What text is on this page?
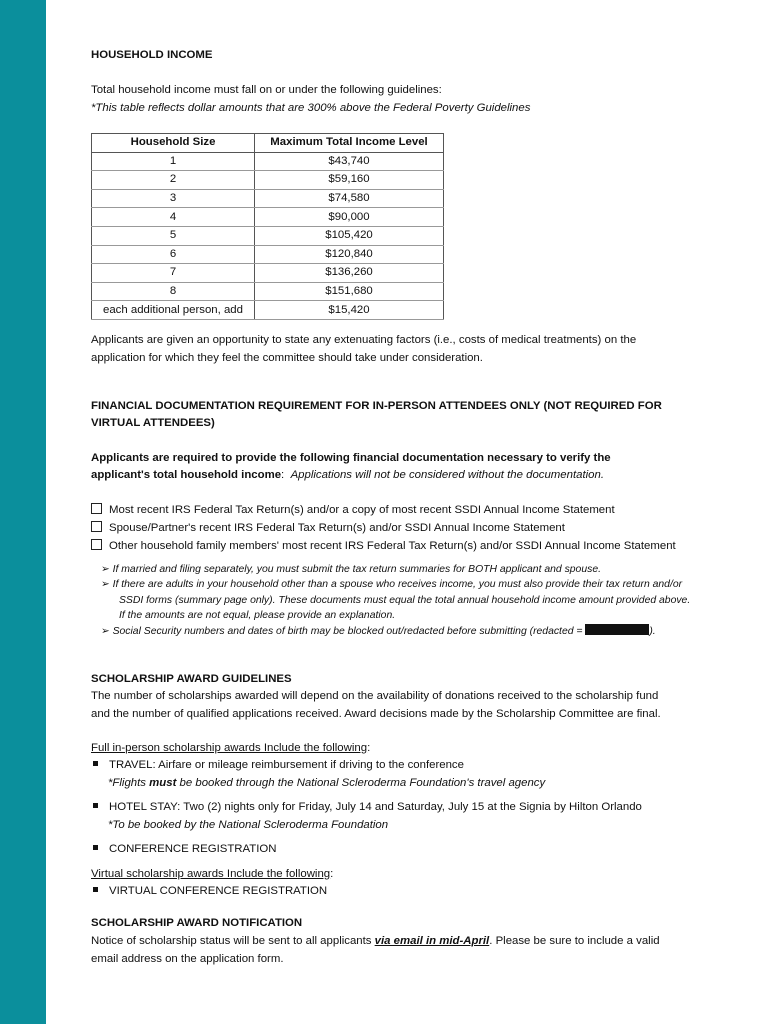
HOUSEHOLD INCOME
Total household income must fall on or under the following guidelines:
*This table reflects dollar amounts that are 300% above the Federal Poverty Guidelines
Household Size	Maximum Total Income Level
1	$43,740
2	$59,160
3	$74,580
4	$90,000
5	$105,420
6	$120,840
7	$136,260
8	$151,680
each additional person, add	$15,420
Applicants are given an opportunity to state any extenuating factors (i.e., costs of medical treatments) on the
application for which they feel the committee should take under consideration.
FINANCIAL DOCUMENTATION REQUIREMENT FOR IN-PERSON ATTENDEES ONLY (NOT REQUIRED FOR
VIRTUAL ATTENDEES)
Applicants are required to provide the following financial documentation necessary to verify the
applicant's total household income: Applications will not be considered without the documentation.
Most recent IRS Federal Tax Return(s) and/or a copy of most recent SSDI Annual Income Statement
Spouse/Partner's recent IRS Federal Tax Return(s) and/or SSDI Annual Income Statement
Other household family members' most recent IRS Federal Tax Return(s) and/or SSDI Annual Income Statement
➢ If married and filing separately, you must submit the tax return summaries for BOTH applicant and spouse.
➢ If there are adults in your household other than a spouse who receives income, you must also provide their tax return and/or
SSDI forms (summary page only). These documents must equal the total annual household income amount provided above.
If the amounts are not equal, please provide an explanation.
➢ Social Security numbers and dates of birth may be blocked out/redacted before submitting (redacted =	).
SCHOLARSHIP AWARD GUIDELINES
The number of scholarships awarded will depend on the availability of donations received to the scholarship fund
and the number of qualified applications received. Award decisions made by the Scholarship Committee are final.
Full in-person scholarship awards Include the following:
TRAVEL: Airfare or mileage reimbursement if driving to the conference
*Flights must be booked through the National Scleroderma Foundation's travel agency
HOTEL STAY: Two (2) nights only for Friday, July 14 and Saturday, July 15 at the Signia by Hilton Orlando
*To be booked by the National Scleroderma Foundation
CONFERENCE REGISTRATION
Virtual scholarship awards Include the following:
VIRTUAL CONFERENCE REGISTRATION
SCHOLARSHIP AWARD NOTIFICATION
Notice of scholarship status will be sent to all applicants via email in mid-April. Please be sure to include a valid
email address on the application form.
